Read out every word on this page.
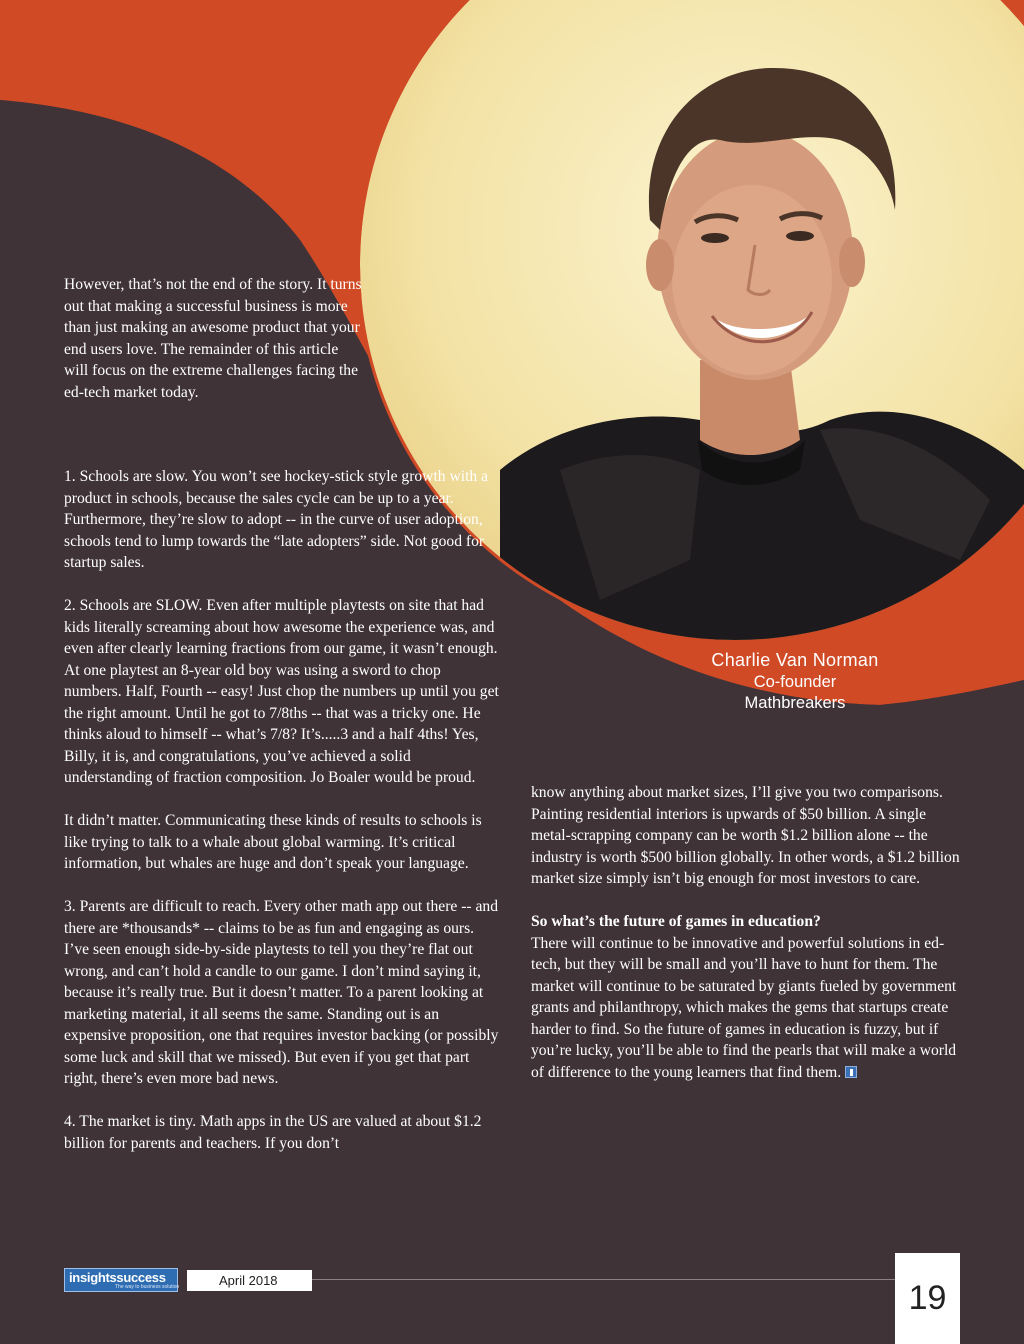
However, that’s not the end of the story. It turns out that making a successful business is more than just making an awesome product that your end users love. The remainder of this article will focus on the extreme challenges facing the ed-tech market today.

1. Schools are slow. You won’t see hockey-stick style growth with a product in schools, because the sales cycle can be up to a year. Furthermore, they’re slow to adopt -- in the curve of user adoption, schools tend to lump towards the “late adopters” side. Not good for startup sales.

2. Schools are SLOW. Even after multiple playtests on site that had kids literally screaming about how awesome the experience was, and even after clearly learning fractions from our game, it wasn’t enough. At one playtest an 8-year old boy was using a sword to chop numbers. Half, Fourth -- easy! Just chop the numbers up until you get the right amount. Until he got to 7/8ths -- that was a tricky one. He thinks aloud to himself -- what’s 7/8? It’s.....3 and a half 4ths! Yes, Billy, it is, and congratulations, you’ve achieved a solid understanding of fraction composition. Jo Boaler would be proud.

It didn’t matter. Communicating these kinds of results to schools is like trying to talk to a whale about global warming. It’s critical information, but whales are huge and don’t speak your language.

3. Parents are difficult to reach. Every other math app out there -- and there are *thousands* -- claims to be as fun and engaging as ours. I’ve seen enough side-by-side playtests to tell you they’re flat out wrong, and can’t hold a candle to our game. I don’t mind saying it, because it’s really true. But it doesn’t matter. To a parent looking at marketing material, it all seems the same. Standing out is an expensive proposition, one that requires investor backing (or possibly some luck and skill that we missed). But even if you get that part right, there’s even more bad news.

4. The market is tiny. Math apps in the US are valued at about $1.2 billion for parents and teachers. If you don’t

Charlie Van Norman
Co-founder
Mathbreakers

know anything about market sizes, I’ll give you two comparisons. Painting residential interiors is upwards of $50 billion. A single metal-scrapping company can be worth $1.2 billion alone -- the industry is worth $500 billion globally. In other words, a $1.2 billion market size simply isn’t big enough for most investors to care.

So what’s the future of games in education?
There will continue to be innovative and powerful solutions in ed-tech, but they will be small and you’ll have to hunt for them. The market will continue to be saturated by giants fueled by government grants and philanthropy, which makes the gems that startups create harder to find. So the future of games in education is fuzzy, but if you’re lucky, you’ll be able to find the pearls that will make a world of difference to the young learners that find them.

insightssuccess
The way to business solution	April 2018	19
